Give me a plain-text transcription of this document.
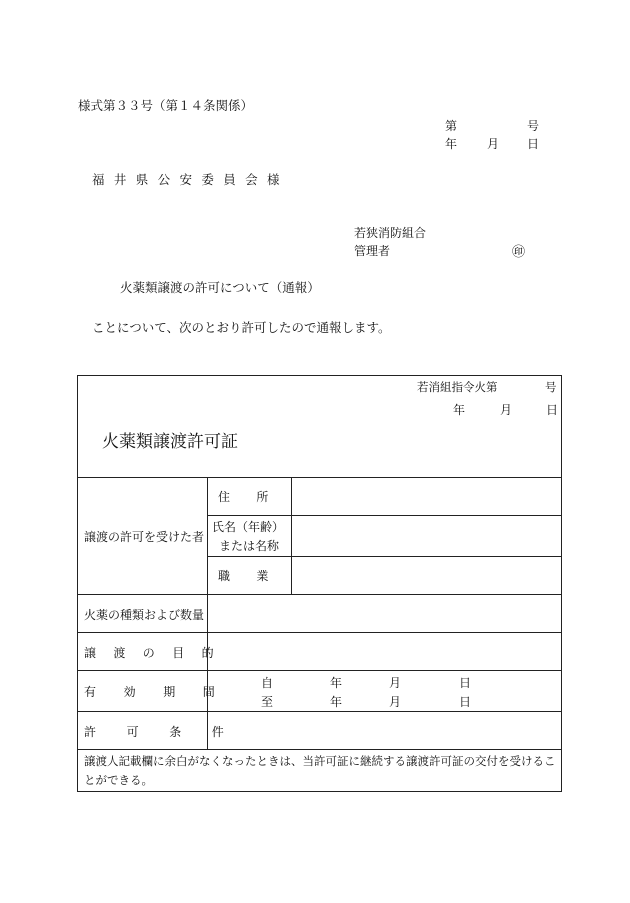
様式第３３号（第１４条関係）
第	号
年 月 日
福井県公安委員会様
若狭消防組合
管理者	㊞
火薬類譲渡の許可について（通報）
ことについて、次のとおり許可したので通報します。
若消組指令火第	号
年	月	日
火薬類譲渡許可証
譲渡の許可を受けた者
住　所
氏名（年齢）
または名称
職　業
火薬の種類および数量
譲渡の目的
有効期間
自	年	月	日
至	年	月	日
許可条件
譲渡人記載欄に余白がなくなったときは、当許可証に継続する譲渡許可証の交付を受けるこ
とができる。
